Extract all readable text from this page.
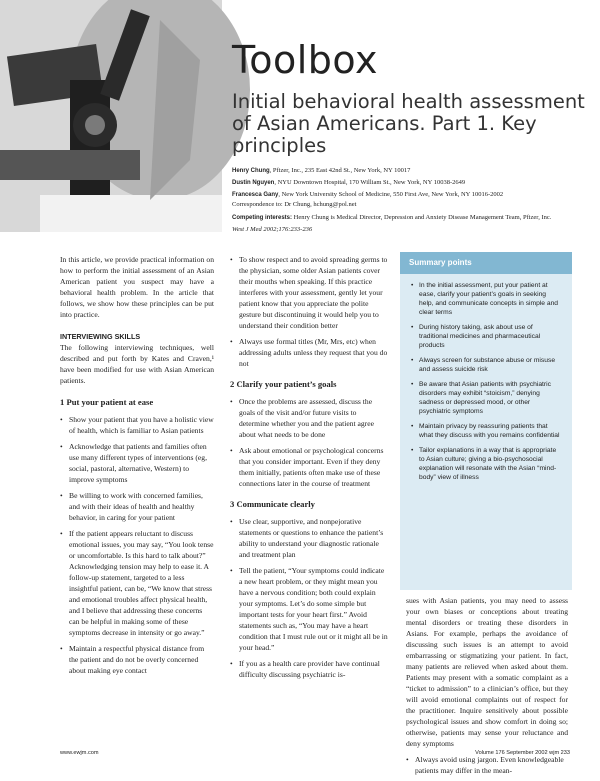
Toolbox
Initial behavioral health assessment of Asian Americans. Part 1. Key principles
Henry Chung, Pfizer, Inc., 235 East 42nd St., New York, NY 10017
Dustin Nguyen, NYU Downtown Hospital, 170 William St., New York, NY 10038-2649
Francesca Gany, New York University School of Medicine, 550 First Ave, New York, NY 10016-2002
Correspondence to: Dr Chung, hchung@pol.net
Competing interests: Henry Chung is Medical Director, Depression and Anxiety Disease Management Team, Pfizer, Inc.
West J Med 2002;176:233-236

In this article, we provide practical information on how to perform the initial assessment of an Asian American patient you suspect may have a behavioral health problem. In the article that follows, we show how these principles can be put into practice.

INTERVIEWING SKILLS

The following interviewing techniques, well described and put forth by Kates and Craven,¹ have been modified for use with Asian American patients.

1 Put your patient at ease
• Show your patient that you have a holistic view of health, which is familiar to Asian patients
• Acknowledge that patients and families often use many different types of interventions (eg, social, pastoral, alternative, Western) to improve symptoms
• Be willing to work with concerned families, and with their ideas of health and healthy behavior, in caring for your patient
• If the patient appears reluctant to discuss emotional issues, you may say, “You look tense or uncomfortable. Is this hard to talk about?” Acknowledging tension may help to ease it. A follow-up statement, targeted to a less insightful patient, can be, “We know that stress and emotional troubles affect physical health, and I believe that addressing these concerns can be helpful in making some of these symptoms decrease in intensity or go away.”
• Maintain a respectful physical distance from the patient and do not be overly concerned about making eye contact
• To show respect and to avoid spreading germs to the physician, some older Asian patients cover their mouths when speaking. If this practice interferes with your assessment, gently let your patient know that you appreciate the polite gesture but discontinuing it would help you to understand their condition better
• Always use formal titles (Mr, Mrs, etc) when addressing adults unless they request that you do not
2 Clarify your patient’s goals
• Once the problems are assessed, discuss the goals of the visit and/or future visits to determine whether you and the patient agree about what needs to be done
• Ask about emotional or psychological concerns that you consider important. Even if they deny them initially, patients often make use of these connections later in the course of treatment
3 Communicate clearly
• Use clear, supportive, and nonpejorative statements or questions to enhance the patient’s ability to understand your diagnostic rationale and treatment plan
• Tell the patient, “Your symptoms could indicate a new heart problem, or they might mean you have a nervous condition; both could explain your symptoms. Let’s do some simple but important tests for your heart first.” Avoid statements such as, “You may have a heart condition that I must rule out or it might all be in your head.”
• If you as a health care provider have continual difficulty discussing psychiatric is-
Summary points
• In the initial assessment, put your patient at ease, clarify your patient’s goals in seeking help, and communicate concepts in simple and clear terms
• During history taking, ask about use of traditional medicines and pharmaceutical products
• Always screen for substance abuse or misuse and assess suicide risk
• Be aware that Asian patients with psychiatric disorders may exhibit “stoicism,” denying sadness or depressed mood, or other psychiatric symptoms
• Maintain privacy by reassuring patients that what they discuss with you remains confidential
• Tailor explanations in a way that is appropriate to Asian culture; giving a bio-psychosocial explanation will resonate with the Asian “mind-body” view of illness

sues with Asian patients, you may need to assess your own biases or conceptions about treating mental disorders or treating these disorders in Asians. For example, perhaps the avoidance of discussing such issues is an attempt to avoid embarrassing or stigmatizing your patient. In fact, many patients are relieved when asked about them. Patients may present with a somatic complaint as a “ticket to admission” to a clinician’s office, but they will avoid emotional complaints out of respect for the practitioner. Inquire sensitively about possible psychological issues and show comfort in doing so; otherwise, patients may sense your reluctance and deny symptoms

• Always avoid using jargon. Even knowledgeable patients may differ in the mean-
www.ewjm.com	Volume 176 September 2002 wjm 233
